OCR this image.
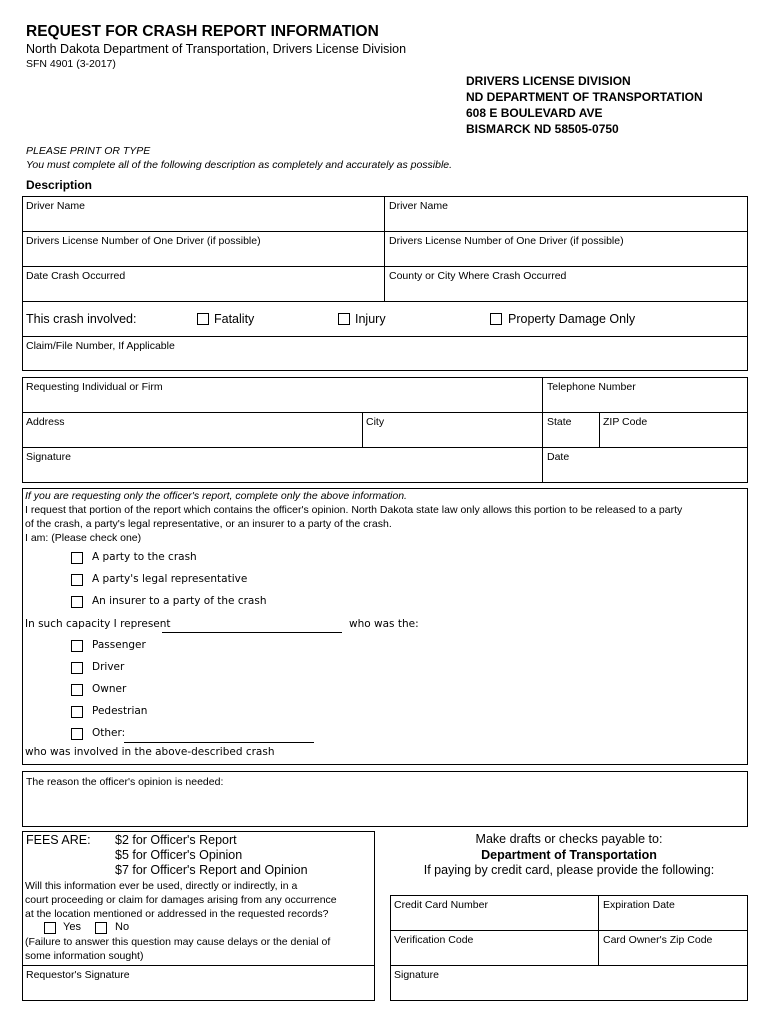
REQUEST FOR CRASH REPORT INFORMATION
North Dakota Department of Transportation, Drivers License Division
SFN 4901 (3-2017)
DRIVERS LICENSE DIVISION
ND DEPARTMENT OF TRANSPORTATION
608 E BOULEVARD AVE
BISMARCK ND 58505-0750
PLEASE PRINT OR TYPE
You must complete all of the following description as completely and accurately as possible.
Description
Driver Name	Driver Name
Drivers License Number of One Driver (if possible)	Drivers License Number of One Driver (if possible)
Date Crash Occurred	County or City Where Crash Occurred
This crash involved:	Fatality	Injury	Property Damage Only
Claim/File Number, If Applicable
Requesting Individual or Firm	Telephone Number
Address	City	State	ZIP Code
Signature	Date
If you are requesting only the officer's report, complete only the above information.
I request that portion of the report which contains the officer's opinion. North Dakota state law only allows this portion to be released to a party
of the crash, a party's legal representative, or an insurer to a party of the crash.
I am: (Please check one)
A party to the crash
A party's legal representative
An insurer to a party of the crash
In such capacity I represent	who was the:
Passenger
Driver
Owner
Pedestrian
Other:
who was involved in the above-described crash
The reason the officer's opinion is needed:
FEES ARE: $2 for Officer's Report
$5 for Officer's Opinion
$7 for Officer's Report and Opinion
Will this information ever be used, directly or indirectly, in a
court proceeding or claim for damages arising from any occurrence
at the location mentioned or addressed in the requested records?
Yes	No
(Failure to answer this question may cause delays or the denial of
some information sought)
Requestor's Signature
Make drafts or checks payable to:
Department of Transportation
If paying by credit card, please provide the following:
Credit Card Number	Expiration Date
Verification Code	Card Owner's Zip Code
Signature
